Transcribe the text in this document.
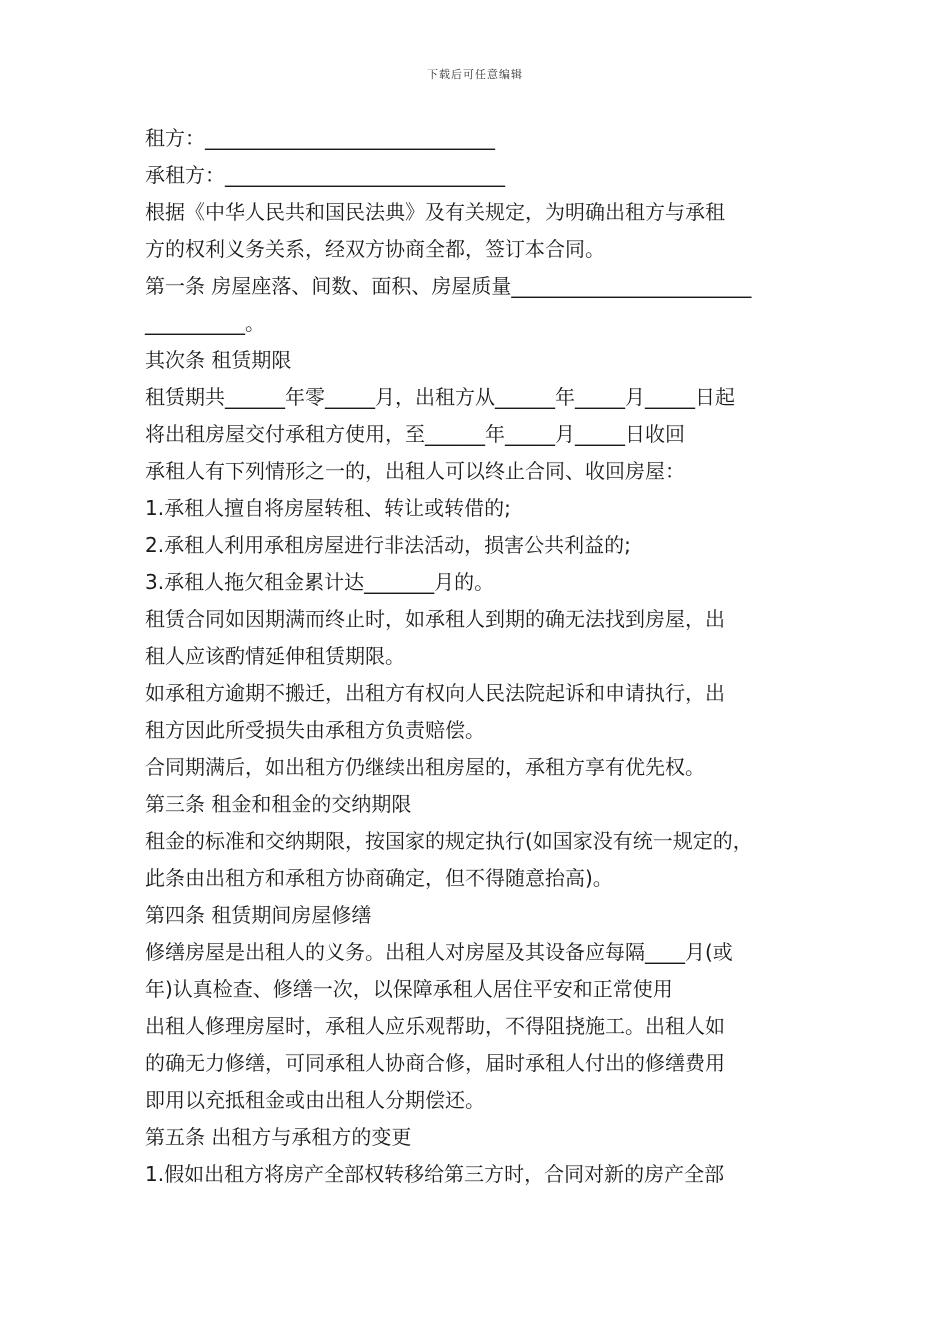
下载后可任意编辑
租方：_____________________________
承租方：____________________________
根据《中华人民共和国民法典》及有关规定，为明确出租方与承租
方的权利义务关系，经双方协商全都，签订本合同。
第一条 房屋座落、间数、面积、房屋质量________________________
__________。
其次条 租赁期限
租赁期共______年零_____月，出租方从______年_____月_____日起
将出租房屋交付承租方使用，至______年_____月_____日收回
承租人有下列情形之一的，出租人可以终止合同、收回房屋：
1.承租人擅自将房屋转租、转让或转借的;
2.承租人利用承租房屋进行非法活动，损害公共利益的;
3.承租人拖欠租金累计达_______月的。
租赁合同如因期满而终止时，如承租人到期的确无法找到房屋，出
租人应该酌情延伸租赁期限。
如承租方逾期不搬迁，出租方有权向人民法院起诉和申请执行，出
租方因此所受损失由承租方负责赔偿。
合同期满后，如出租方仍继续出租房屋的，承租方享有优先权。
第三条 租金和租金的交纳期限
租金的标准和交纳期限，按国家的规定执行(如国家没有统一规定的，
此条由出租方和承租方协商确定，但不得随意抬高)。
第四条 租赁期间房屋修缮
修缮房屋是出租人的义务。出租人对房屋及其设备应每隔____月(或
年)认真检查、修缮一次，以保障承租人居住平安和正常使用
出租人修理房屋时，承租人应乐观帮助，不得阻挠施工。出租人如
的确无力修缮，可同承租人协商合修，届时承租人付出的修缮费用
即用以充抵租金或由出租人分期偿还。
第五条 出租方与承租方的变更
1.假如出租方将房产全部权转移给第三方时，合同对新的房产全部
